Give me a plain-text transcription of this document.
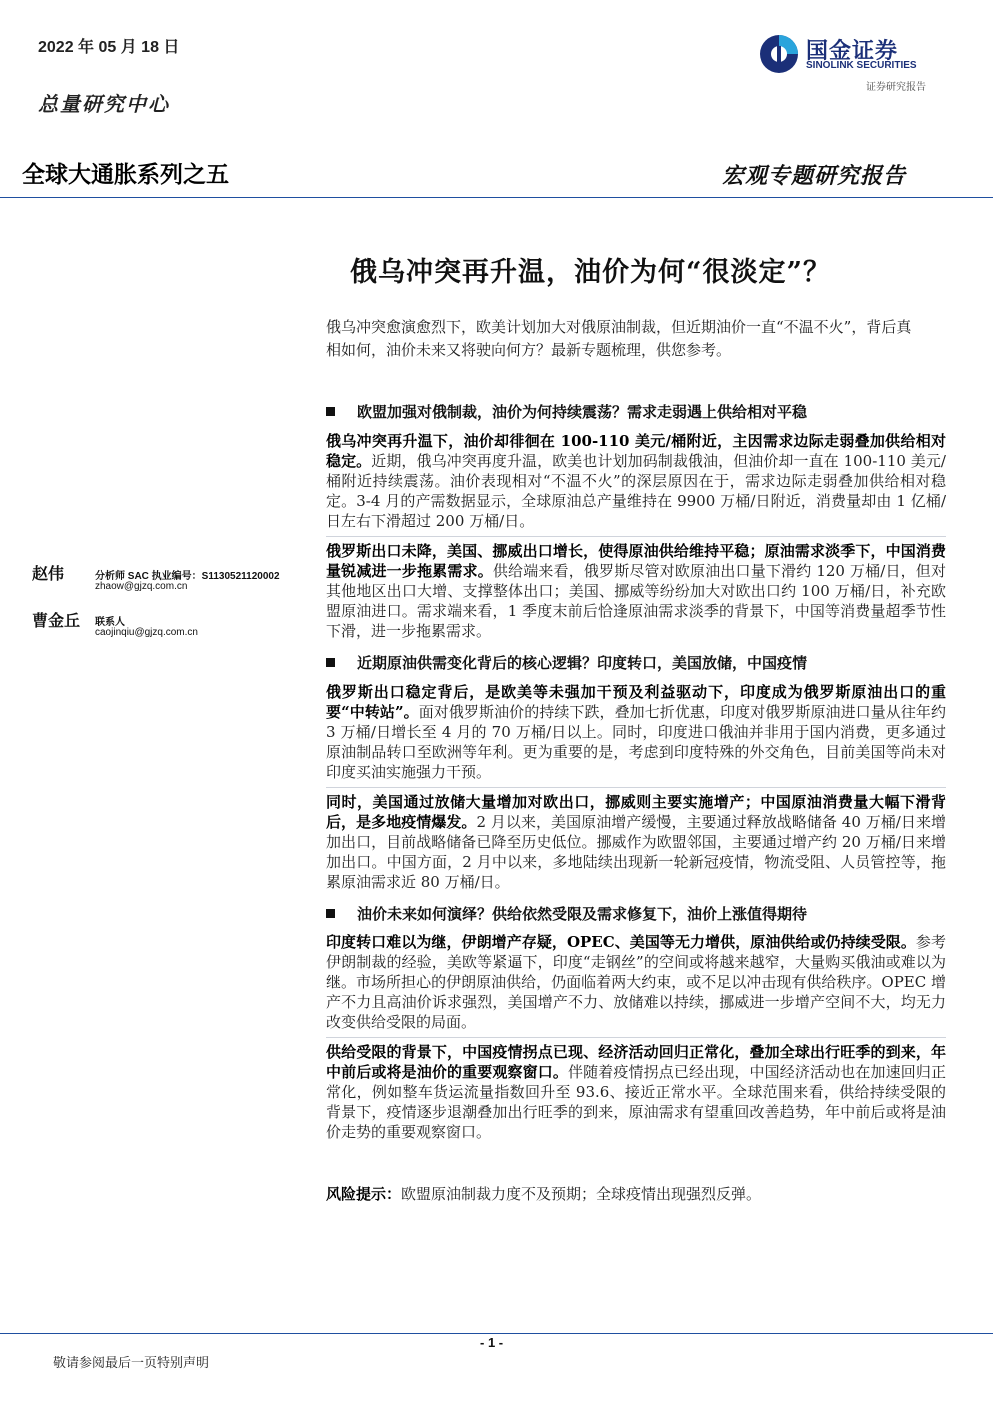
2022 年 05 月 18 日
总量研究中心
国金证券
SINOLINK SECURITIES
证券研究报告
全球大通胀系列之五	宏观专题研究报告
俄乌冲突再升温，油价为何“很淡定”？
俄乌冲突愈演愈烈下，欧美计划加大对俄原油制裁，但近期油价一直“不温不火”，背后真相如何，油价未来又将驶向何方？最新专题梳理，供您参考。
欧盟加强对俄制裁，油价为何持续震荡？需求走弱遇上供给相对平稳
俄乌冲突再升温下，油价却徘徊在 100-110 美元/桶附近，主因需求边际走弱叠加供给相对稳定。近期，俄乌冲突再度升温，欧美也计划加码制裁俄油，但油价却一直在 100-110 美元/桶附近持续震荡。油价表现相对“不温不火”的深层原因在于，需求边际走弱叠加供给相对稳定。3-4 月的产需数据显示，全球原油总产量维持在 9900 万桶/日附近，消费量却由 1 亿桶/日左右下滑超过 200 万桶/日。
俄罗斯出口未降，美国、挪威出口增长，使得原油供给维持平稳；原油需求淡季下，中国消费量锐减进一步拖累需求。供给端来看，俄罗斯尽管对欧原油出口量下滑约 120 万桶/日，但对其他地区出口大增、支撑整体出口；美国、挪威等纷纷加大对欧出口约 100 万桶/日，补充欧盟原油进口。需求端来看，1 季度末前后恰逢原油需求淡季的背景下，中国等消费量超季节性下滑，进一步拖累需求。
近期原油供需变化背后的核心逻辑？印度转口，美国放储，中国疫情
俄罗斯出口稳定背后，是欧美等未强加干预及利益驱动下，印度成为俄罗斯原油出口的重要“中转站”。面对俄罗斯油价的持续下跌，叠加七折优惠，印度对俄罗斯原油进口量从往年约 3 万桶/日增长至 4 月的 70 万桶/日以上。同时，印度进口俄油并非用于国内消费，更多通过原油制品转口至欧洲等年利。更为重要的是，考虑到印度特殊的外交角色，目前美国等尚未对印度买油实施强力干预。
同时，美国通过放储大量增加对欧出口，挪威则主要实施增产；中国原油消费量大幅下滑背后，是多地疫情爆发。2 月以来，美国原油增产缓慢，主要通过释放战略储备 40 万桶/日来增加出口，目前战略储备已降至历史低位。挪威作为欧盟邻国，主要通过增产约 20 万桶/日来增加出口。中国方面，2 月中以来，多地陆续出现新一轮新冠疫情，物流受阻、人员管控等，拖累原油需求近 80 万桶/日。
油价未来如何演绎？供给依然受限及需求修复下，油价上涨值得期待
印度转口难以为继，伊朗增产存疑，OPEC、美国等无力增供，原油供给或仍持续受限。参考伊朗制裁的经验，美欧等紧逼下，印度“走钢丝”的空间或将越来越窄，大量购买俄油或难以为继。市场所担心的伊朗原油供给，仍面临着两大约束，或不足以冲击现有供给秩序。OPEC 增产不力且高油价诉求强烈，美国增产不力、放储难以持续，挪威进一步增产空间不大，均无力改变供给受限的局面。
供给受限的背景下，中国疫情拐点已现、经济活动回归正常化，叠加全球出行旺季的到来，年中前后或将是油价的重要观察窗口。伴随着疫情拐点已经出现，中国经济活动也在加速回归正常化，例如整车货运流量指数回升至 93.6、接近正常水平。全球范围来看，供给持续受限的背景下，疫情逐步退潮叠加出行旺季的到来，原油需求有望重回改善趋势，年中前后或将是油价走势的重要观察窗口。
赵伟	分析师 SAC 执业编号：S1130521120002
zhaow@gjzq.com.cn
曹金丘 联系人
caojinqiu@gjzq.com.cn
风险提示：欧盟原油制裁力度不及预期；全球疫情出现强烈反弹。
- 1 -
敬请参阅最后一页特别声明
